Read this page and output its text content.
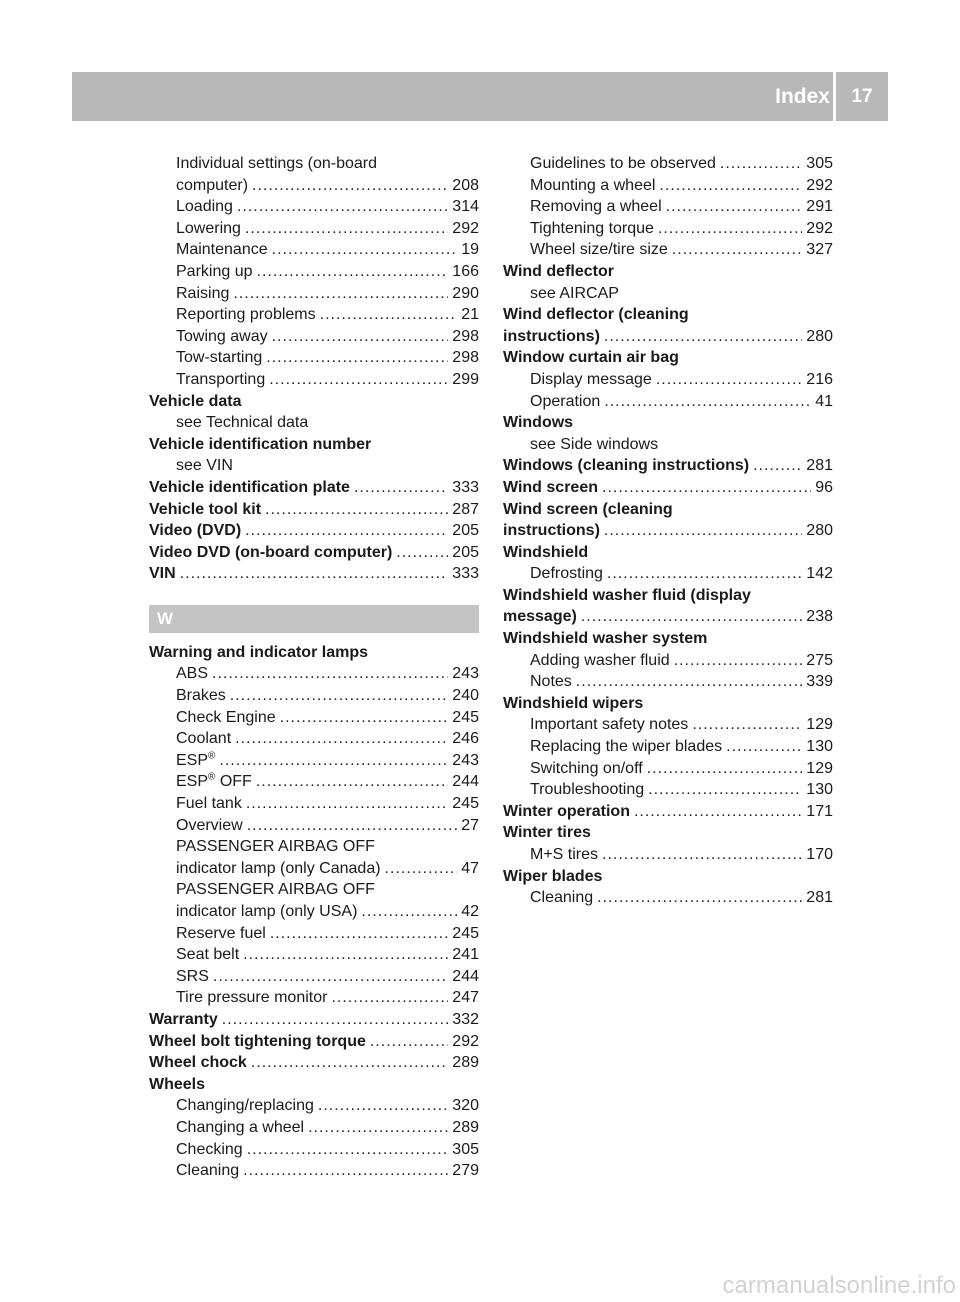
Index	17
Individual settings (on-board
computer) .....	208
Loading .....	314
Lowering .....	292
Maintenance .....	19
Parking up .....	166
Raising .....	290
Reporting problems .....	21
Towing away .....	298
Tow-starting .....	298
Transporting .....	299
Vehicle data
see Technical data
Vehicle identification number
see VIN
Vehicle identification plate .....	333
Vehicle tool kit .....	287
Video (DVD) .....	205
Video DVD (on-board computer) .....	205
VIN .....	333
W
Warning and indicator lamps
ABS .....	243
Brakes .....	240
Check Engine .....	245
Coolant .....	246
ESP® .....	243
ESP® OFF .....	244
Fuel tank .....	245
Overview .....	27
PASSENGER AIRBAG OFF
indicator lamp (only Canada) .....	47
PASSENGER AIRBAG OFF
indicator lamp (only USA) .....	42
Reserve fuel .....	245
Seat belt .....	241
SRS .....	244
Tire pressure monitor .....	247
Warranty .....	332
Wheel bolt tightening torque .....	292
Wheel chock .....	289
Wheels
Changing/replacing .....	320
Changing a wheel .....	289
Checking .....	305
Cleaning .....	279
Guidelines to be observed .....	305
Mounting a wheel .....	292
Removing a wheel .....	291
Tightening torque .....	292
Wheel size/tire size .....	327
Wind deflector
see AIRCAP
Wind deflector (cleaning
instructions) .....	280
Window curtain air bag
Display message .....	216
Operation .....	41
Windows
see Side windows
Windows (cleaning instructions) .....	281
Wind screen .....	96
Wind screen (cleaning
instructions) .....	280
Windshield
Defrosting .....	142
Windshield washer fluid (display
message) .....	238
Windshield washer system
Adding washer fluid .....	275
Notes .....	339
Windshield wipers
Important safety notes .....	129
Replacing the wiper blades .....	130
Switching on/off .....	129
Troubleshooting .....	130
Winter operation .....	171
Winter tires
M+S tires .....	170
Wiper blades
Cleaning .....	281
carmanualsonline.info
